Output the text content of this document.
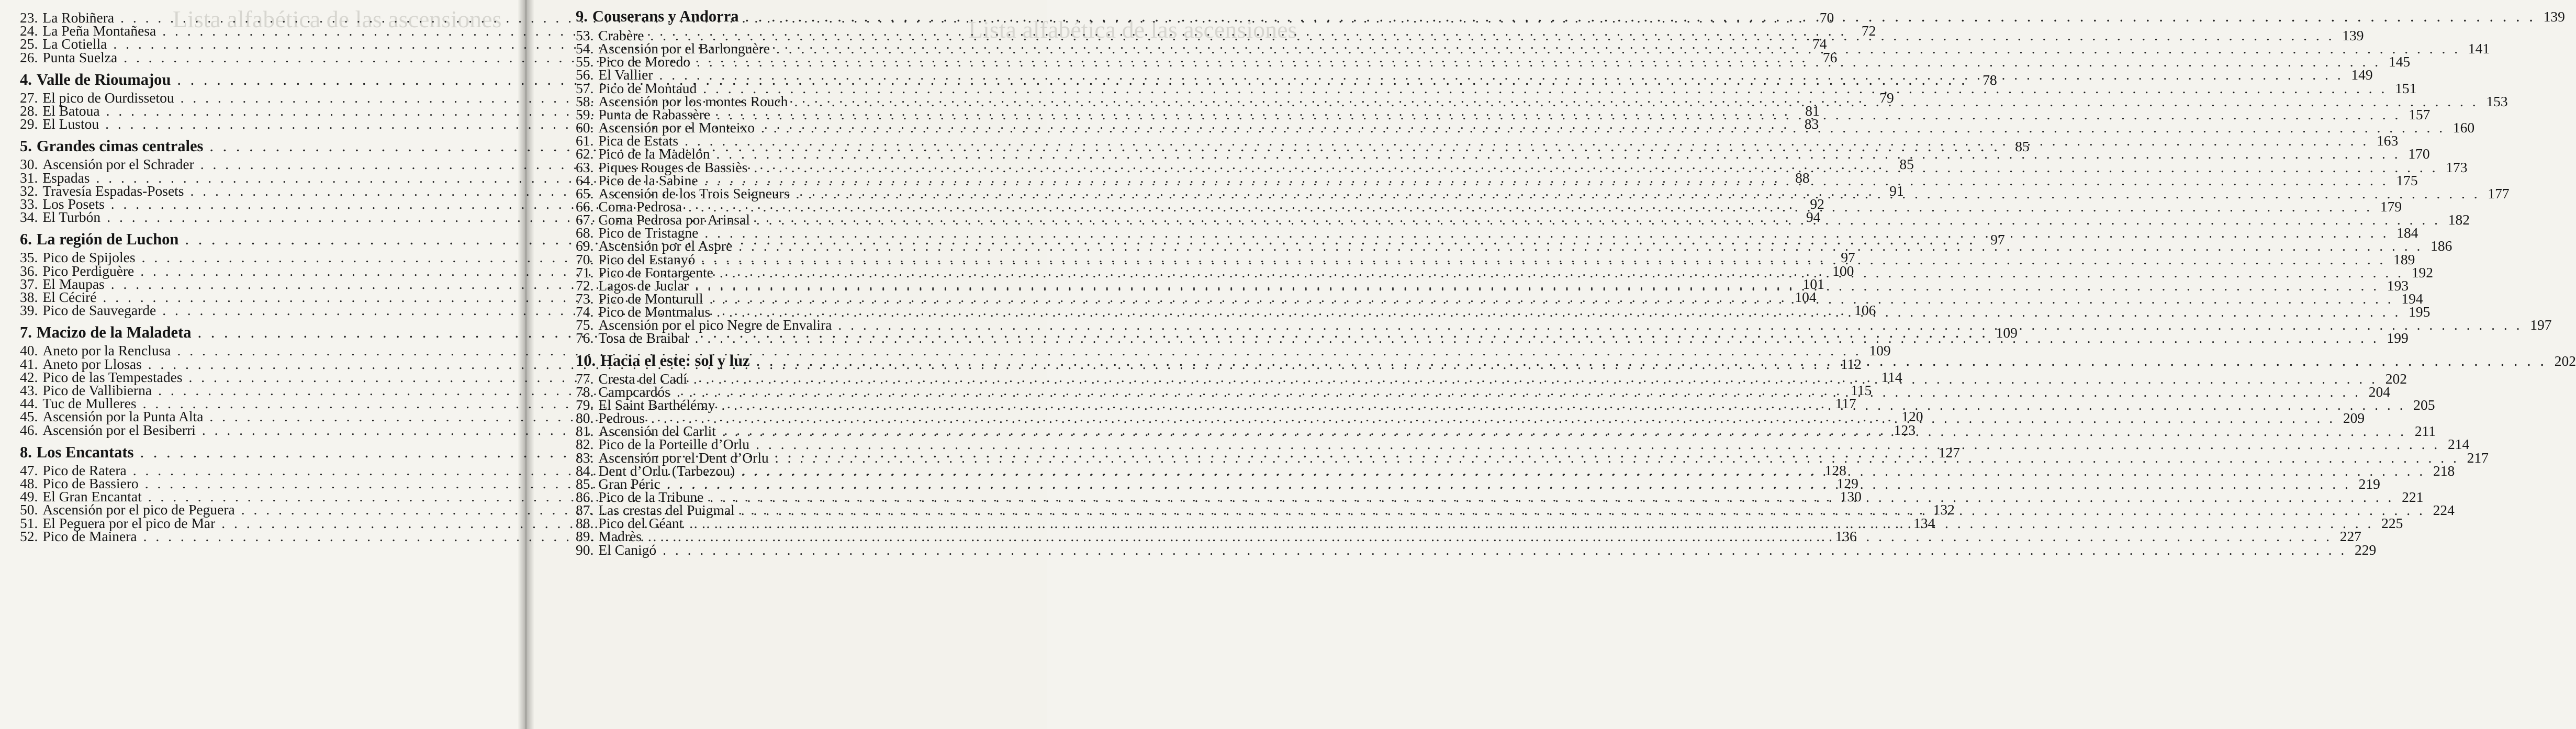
Lista alfabética de las ascensiones	Lista alfabética de las ascensiones
23. La Robiñera . . .	70
24. La Peña Montañesa . . .	72
25. La Cotiella . . .	74
26. Punta Suelza . . .	76
4. Valle de Rioumajou . . .	78
27. El pico de Ourdissetou . . .	79
28. El Batoua . . .	81
29. El Lustou . . .	83
5. Grandes cimas centrales . . .	85
30. Ascensión por el Schrader . . .	85
31. Espadas . . .	88
32. Travesía Espadas-Posets . . .	91
33. Los Posets . . .	92
34. El Turbón . . .	94
6. La región de Luchon . . .	97
35. Pico de Spijoles . . .	97
36. Pico Perdiguère . . .	100
37. El Maupas . . .	101
38. El Céciré . . .	104
39. Pico de Sauvegarde . . .	106
7. Macizo de la Maladeta . . .	109
40. Aneto por la Renclusa . . .	109
41. Aneto por Llosas . . .	112
42. Pico de las Tempestades . . .	114
43. Pico de Vallibierna . . .	115
44. Tuc de Mulleres . . .	117
45. Ascensión por la Punta Alta . . .	120
46. Ascensión por el Besiberri . . .	123
8. Los Encantats . . .	127
47. Pico de Ratera . . .	128
48. Pico de Bassiero . . .	129
49. El Gran Encantat . . .	130
50. Ascensión por el pico de Peguera . . .	132
51. El Peguera por el pico de Mar . . .	134
52. Pico de Mainera . . .	136
9. Couserans y Andorra . . .	139
53. Crabère . . .	139
54. Ascensión por el Barlonguère . . .	141
55. Pico de Moredo . . .	145
56. El Vallier . . .	149
57. Pico de Montaud . . .	151
58. Ascensión por los montes Rouch . . .	153
59. Punta de Rabassère . . .	157
60. Ascensión por el Monteixo . . .	160
61. Pica de Estats . . .	163
62. Pico de la Madelón . . .	170
63. Piques Rouges de Bassiès . . .	173
64. Pico de la Sabine . . .	175
65. Ascensión de los Trois Seigneurs . . .	177
66. Coma Pedrosa . . .	179
67. Coma Pedrosa por Arinsal . . .	182
68. Pico de Tristagne . . .	184
69. Ascensión por el Aspre . . .	186
70. Pico del Estanyó . . .	189
71. Pico de Fontargente . . .	192
72. Lagos de Juclar . . .	193
73. Pico de Monturull . . .	194
74. Pico de Montmalus . . .	195
75. Ascensión por el pico Negre de Envalira . . .	197
76. Tosa de Braibal . . .	199
10. Hacia el este: sol y luz . . .	202
77. Cresta del Cadí . . .	202
78. Campcardós . . .	204
79. El Saint Barthélémy . . .	205
80. Pedrous . . .	209
81. Ascensión del Carlit . . .	211
82. Pico de la Porteille d’Orlu . . .	214
83. Ascensión por el Dent d’Orlu . . .	217
84. Dent d’Orlu (Tarbezou) . . .	218
85. Gran Péric . . .	219
86. Pico de la Tribune . . .	221
87. Las crestas del Puigmal . . .	224
88. Pico del Géant . . .	225
89. Madrès . . .	227
90. El Canigó . . .	229
